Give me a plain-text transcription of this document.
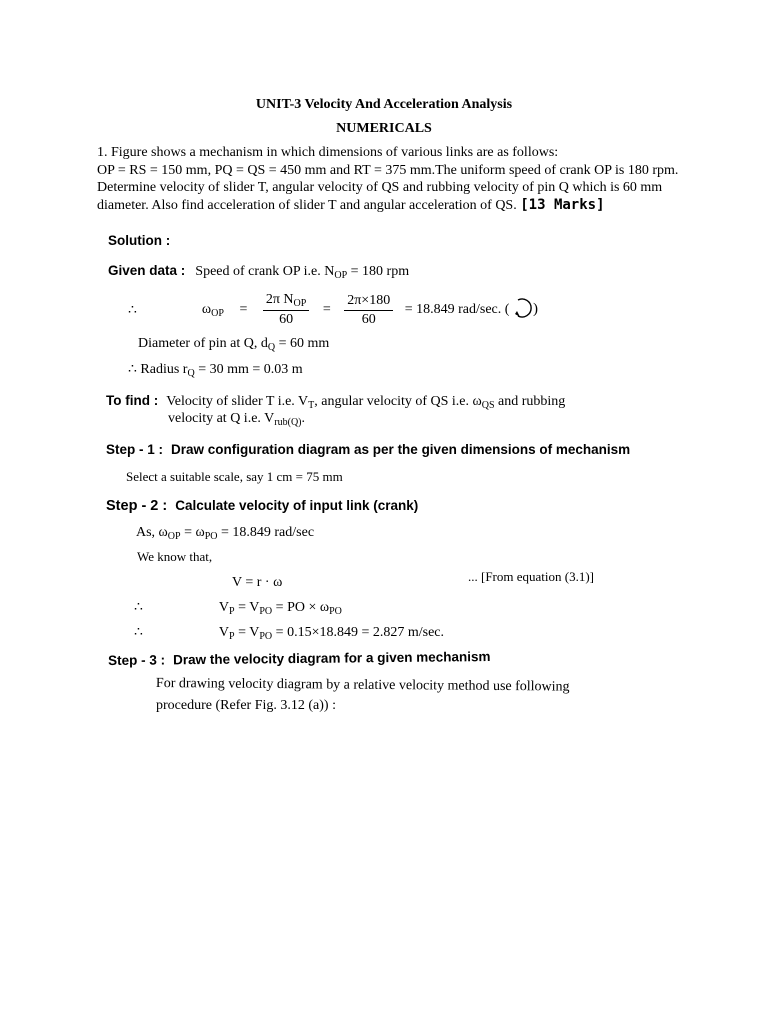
UNIT-3 Velocity And Acceleration Analysis
NUMERICALS
1. Figure shows a mechanism in which dimensions of various links are as follows:
OP = RS = 150 mm, PQ = QS = 450 mm and RT = 375 mm.The uniform speed of crank OP is 180 rpm.
Determine velocity of slider T, angular velocity of QS and rubbing velocity of pin Q which is 60 mm
diameter. Also find acceleration of slider T and angular acceleration of QS. [13 Marks]
Solution :
Given data : Speed of crank OP i.e. $N_{OP} = 180$ rpm
∴	$\omega_{OP} = \frac{2\pi N_{OP}}{60} = \frac{2\pi\times 180}{60} = 18.849$ rad/sec. ( )
Diameter of pin at Q, $d_Q = 60$ mm
∴ Radius $r_Q = 30$ mm = 0.03 m
To find : Velocity of slider T i.e. $V_T$, angular velocity of QS i.e. $\omega_{QS}$ and rubbing
velocity at Q i.e. $V_{rub(Q)}$.
Step - 1 : Draw configuration diagram as per the given dimensions of mechanism
Select a suitable scale, say 1 cm = 75 mm
Step - 2 : Calculate velocity of input link (crank)
As, $\omega_{OP} = \omega_{PO} = 18.849$ rad/sec
We know that,
V = r · ω	... [From equation (3.1)]
∴	$V_P = V_{PO}$ = PO × $\omega_{PO}$
∴	$V_P = V_{PO} = 0.15\times 18.849 = 2.827$ m/sec.
Step - 3 : Draw the velocity diagram for a given mechanism
For drawing velocity diagram by a relative velocity method use following
procedure (Refer Fig. 3.12 (a)) :
